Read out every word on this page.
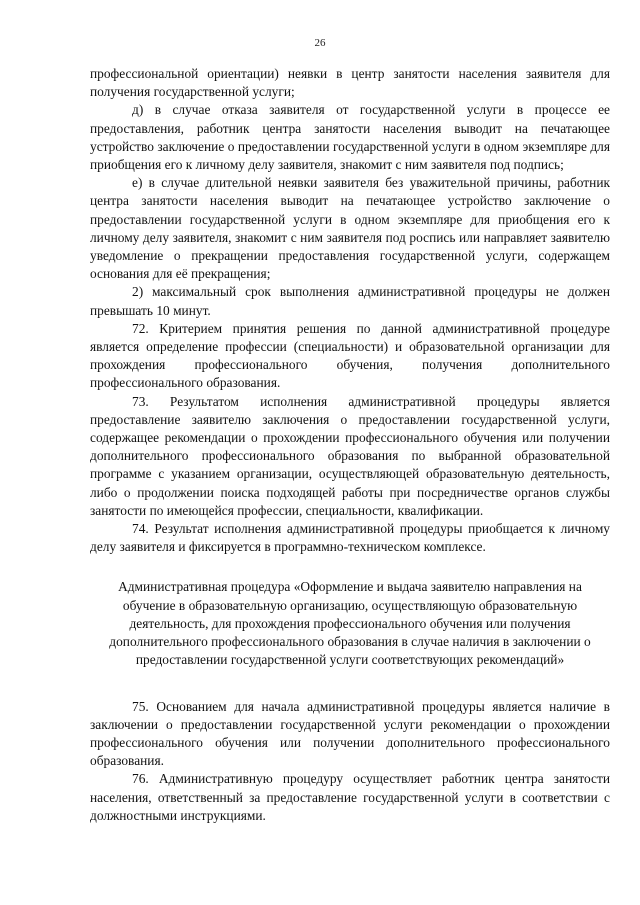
26

профессиональной ориентации) неявки в центр занятости населения заявителя для получения государственной услуги;

д) в случае отказа заявителя от государственной услуги в процессе ее предоставления, работник центра занятости населения выводит на печатающее устройство заключение о предоставлении государственной услуги в одном экземпляре для приобщения его к личному делу заявителя, знакомит с ним заявителя под подпись;

е) в случае длительной неявки заявителя без уважительной причины, работник центра занятости населения выводит на печатающее устройство заключение о предоставлении государственной услуги в одном экземпляре для приобщения его к личному делу заявителя, знакомит с ним заявителя под роспись или направляет заявителю уведомление о прекращении предоставления государственной услуги, содержащем основания для её прекращения;

2) максимальный срок выполнения административной процедуры не должен превышать 10 минут.

72. Критерием принятия решения по данной административной процедуре является определение профессии (специальности) и образовательной организации для прохождения профессионального обучения, получения дополнительного профессионального образования.

73. Результатом исполнения административной процедуры является предоставление заявителю заключения о предоставлении государственной услуги, содержащее рекомендации о прохождении профессионального обучения или получении дополнительного профессионального образования по выбранной образовательной программе с указанием организации, осуществляющей образовательную деятельность, либо о продолжении поиска подходящей работы при посредничестве органов службы занятости по имеющейся профессии, специальности, квалификации.

74. Результат исполнения административной процедуры приобщается к личному делу заявителя и фиксируется в программно-техническом комплексе.

Административная процедура «Оформление и выдача заявителю направления на обучение в образовательную организацию, осуществляющую образовательную деятельность, для прохождения профессионального обучения или получения дополнительного профессионального образования в случае наличия в заключении о предоставлении государственной услуги соответствующих рекомендаций»

75. Основанием для начала административной процедуры является наличие в заключении о предоставлении государственной услуги рекомендации о прохождении профессионального обучения или получении дополнительного профессионального образования.

76. Административную процедуру осуществляет работник центра занятости населения, ответственный за предоставление государственной услуги в соответствии с должностными инструкциями.
